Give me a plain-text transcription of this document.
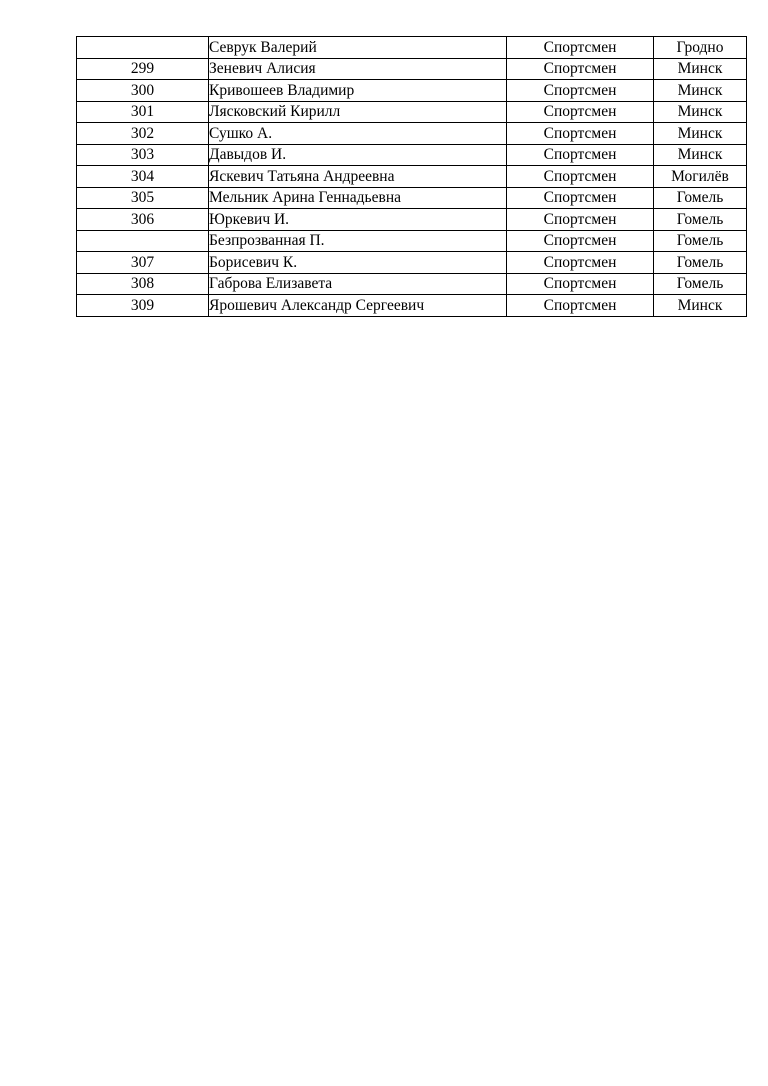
	Севрук Валерий	Спортсмен	Гродно
299	Зеневич Алисия	Спортсмен	Минск
300	Кривошеев Владимир	Спортсмен	Минск
301	Лясковский Кирилл	Спортсмен	Минск
302	Сушко А.	Спортсмен	Минск
303	Давыдов И.	Спортсмен	Минск
304	Яскевич Татьяна Андреевна	Спортсмен	Могилёв
305	Мельник Арина Геннадьевна	Спортсмен	Гомель
306	Юркевич И.	Спортсмен	Гомель
	Безпрозванная П.	Спортсмен	Гомель
307	Борисевич К.	Спортсмен	Гомель
308	Габрова Елизавета	Спортсмен	Гомель
309	Ярошевич Александр Сергеевич	Спортсмен	Минск
